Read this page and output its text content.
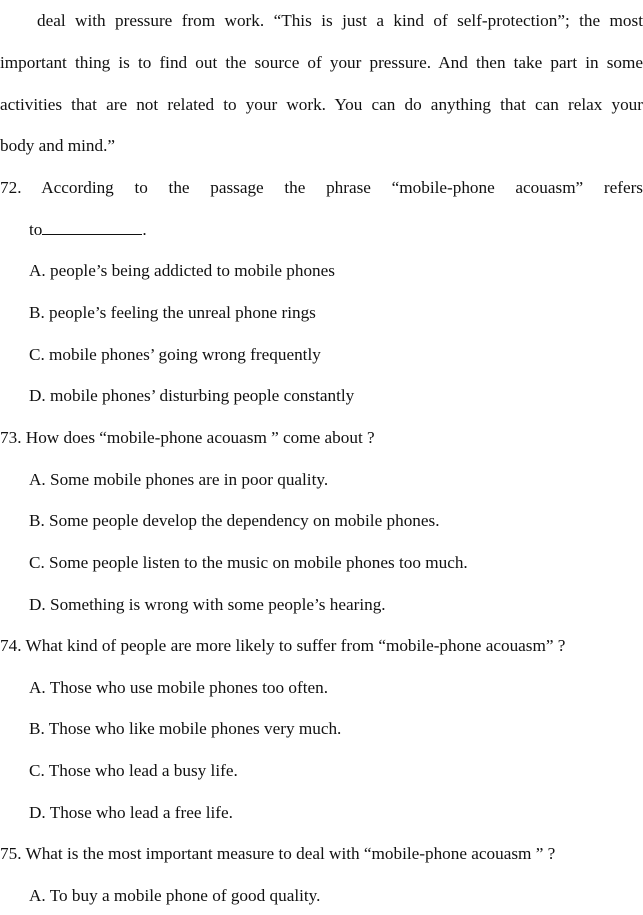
deal with pressure from work. “This is just a kind of self-protection”; the most
important thing is to find out the source of your pressure. And then take part in some
activities that are not related to your work. You can do anything that can relax your
body and mind.”
72. According to the passage the phrase “mobile-phone acouasm” refers
to	.
A. people’s being addicted to mobile phones
B. people’s feeling the unreal phone rings
C. mobile phones’ going wrong frequently
D. mobile phones’ disturbing people constantly
73. How does “mobile-phone acouasm ” come about ?
A. Some mobile phones are in poor quality.
B. Some people develop the dependency on mobile phones.
C. Some people listen to the music on mobile phones too much.
D. Something is wrong with some people’s hearing.
74. What kind of people are more likely to suffer from “mobile-phone acouasm” ?
A. Those who use mobile phones too often.
B. Those who like mobile phones very much.
C. Those who lead a busy life.
D. Those who lead a free life.
75. What is the most important measure to deal with “mobile-phone acouasm ” ?
A. To buy a mobile phone of good quality.
